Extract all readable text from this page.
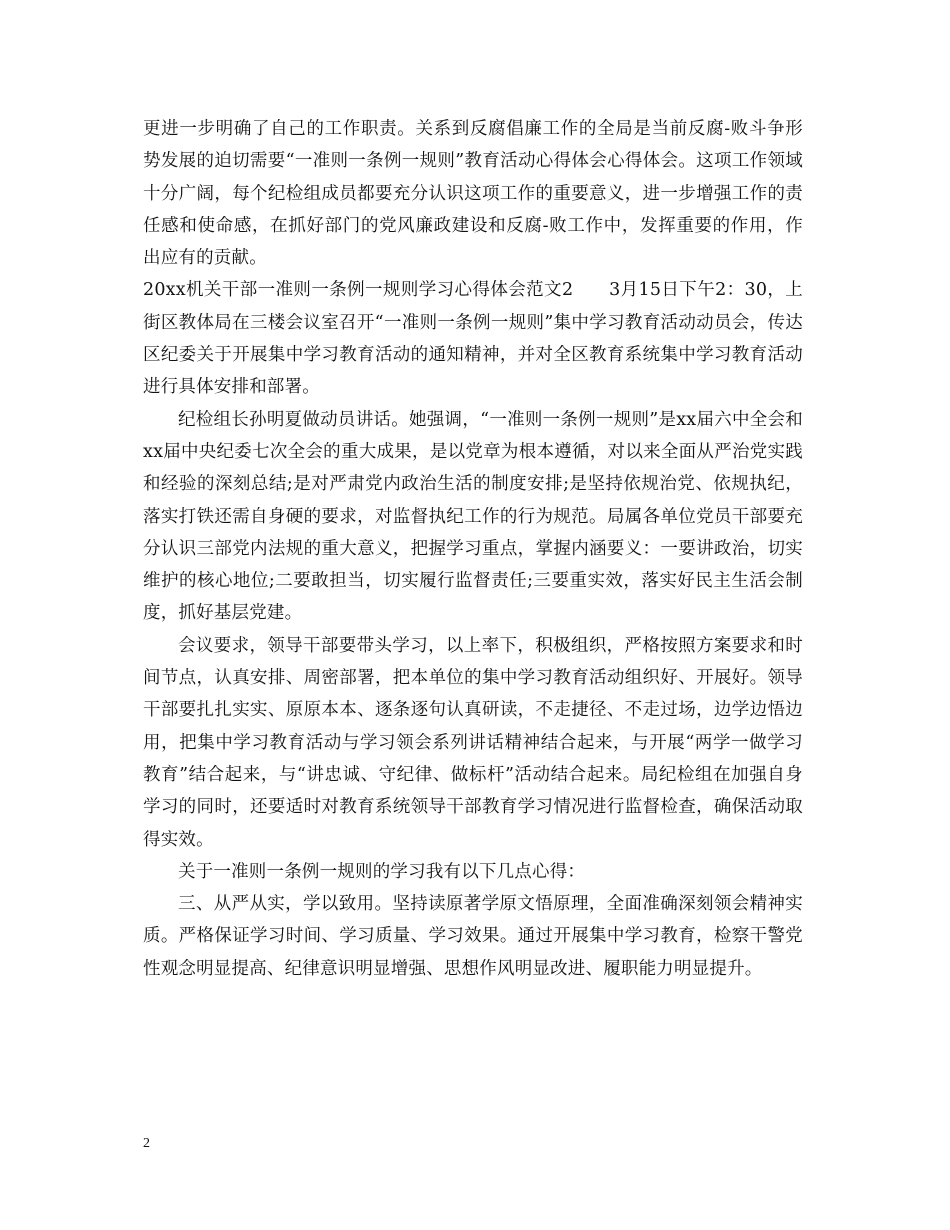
更进一步明确了自己的工作职责。关系到反腐倡廉工作的全局是当前反腐-败斗争形势发展的迫切需要“一准则一条例一规则”教育活动心得体会心得体会。这项工作领域十分广阔，每个纪检组成员都要充分认识这项工作的重要意义，进一步增强工作的责任感和使命感，在抓好部门的党风廉政建设和反腐-败工作中，发挥重要的作用，作出应有的贡献。

20xx机关干部一准则一条例一规则学习心得体会范文2 3月15日下午2：30，上街区教体局在三楼会议室召开“一准则一条例一规则”集中学习教育活动动员会，传达区纪委关于开展集中学习教育活动的通知精神，并对全区教育系统集中学习教育活动进行具体安排和部署。

纪检组长孙明夏做动员讲话。她强调，“一准则一条例一规则”是xx届六中全会和xx届中央纪委七次全会的重大成果，是以党章为根本遵循，对以来全面从严治党实践和经验的深刻总结;是对严肃党内政治生活的制度安排;是坚持依规治党、依规执纪，落实打铁还需自身硬的要求，对监督执纪工作的行为规范。局属各单位党员干部要充分认识三部党内法规的重大意义，把握学习重点，掌握内涵要义：一要讲政治，切实维护的核心地位;二要敢担当，切实履行监督责任;三要重实效，落实好民主生活会制度，抓好基层党建。

会议要求，领导干部要带头学习，以上率下，积极组织，严格按照方案要求和时间节点，认真安排、周密部署，把本单位的集中学习教育活动组织好、开展好。领导干部要扎扎实实、原原本本、逐条逐句认真研读，不走捷径、不走过场，边学边悟边用，把集中学习教育活动与学习领会系列讲话精神结合起来，与开展“两学一做学习教育”结合起来，与“讲忠诚、守纪律、做标杆”活动结合起来。局纪检组在加强自身学习的同时，还要适时对教育系统领导干部教育学习情况进行监督检查，确保活动取得实效。

关于一准则一条例一规则的学习我有以下几点心得：

三、从严从实，学以致用。坚持读原著学原文悟原理，全面准确深刻领会精神实质。严格保证学习时间、学习质量、学习效果。通过开展集中学习教育，检察干警党性观念明显提高、纪律意识明显增强、思想作风明显改进、履职能力明显提升。

2
